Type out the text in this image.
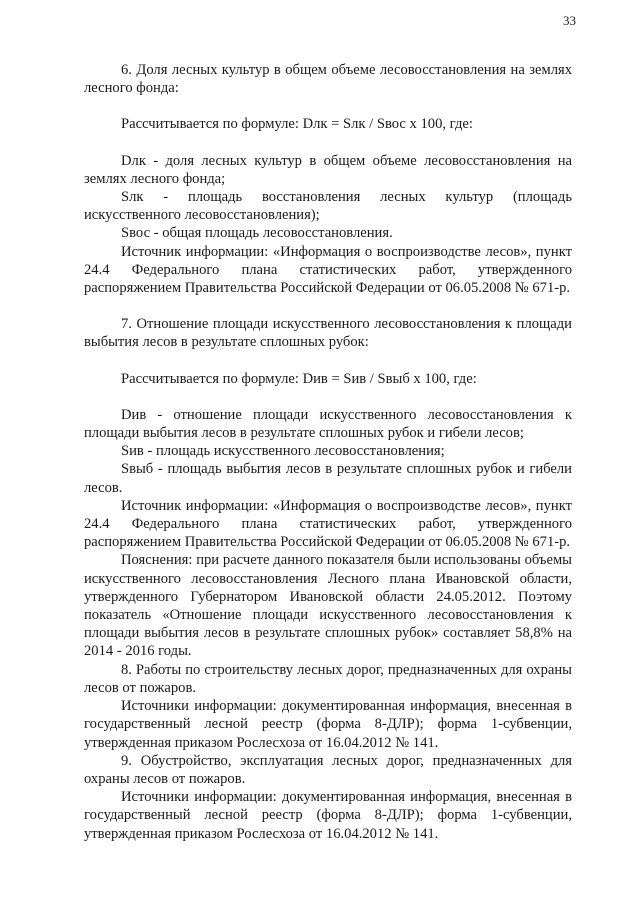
33

6. Доля лесных культур в общем объеме лесовосстановления на землях лесного фонда:

Рассчитывается по формуле: Dлк = Sлк / Sвос х 100, где:

Dлк - доля лесных культур в общем объеме лесовосстановления на землях лесного фонда;

Sлк - площадь восстановления лесных культур (площадь искусственного лесовосстановления);

Sвос - общая площадь лесовосстановления.

Источник информации: «Информация о воспроизводстве лесов», пункт 24.4 Федерального плана статистических работ, утвержденного распоряжением Правительства Российской Федерации от 06.05.2008 № 671-р.

7. Отношение площади искусственного лесовосстановления к площади выбытия лесов в результате сплошных рубок:

Рассчитывается по формуле: Dив = Sив / Sвыб х 100, где:

Dив - отношение площади искусственного лесовосстановления к площади выбытия лесов в результате сплошных рубок и гибели лесов;

Sив - площадь искусственного лесовосстановления;

Sвыб - площадь выбытия лесов в результате сплошных рубок и гибели лесов.

Источник информации: «Информация о воспроизводстве лесов», пункт 24.4 Федерального плана статистических работ, утвержденного распоряжением Правительства Российской Федерации от 06.05.2008 № 671-р.

Пояснения: при расчете данного показателя были использованы объемы искусственного лесовосстановления Лесного плана Ивановской области, утвержденного Губернатором Ивановской области 24.05.2012. Поэтому показатель «Отношение площади искусственного лесовосстановления к площади выбытия лесов в результате сплошных рубок» составляет 58,8% на 2014 - 2016 годы.

8. Работы по строительству лесных дорог, предназначенных для охраны лесов от пожаров.

Источники информации: документированная информация, внесенная в государственный лесной реестр (форма 8-ДЛР); форма 1-субвенции, утвержденная приказом Рослесхоза от 16.04.2012 № 141.

9. Обустройство, эксплуатация лесных дорог, предназначенных для охраны лесов от пожаров.

Источники информации: документированная информация, внесенная в государственный лесной реестр (форма 8-ДЛР); форма 1-субвенции, утвержденная приказом Рослесхоза от 16.04.2012 № 141.
